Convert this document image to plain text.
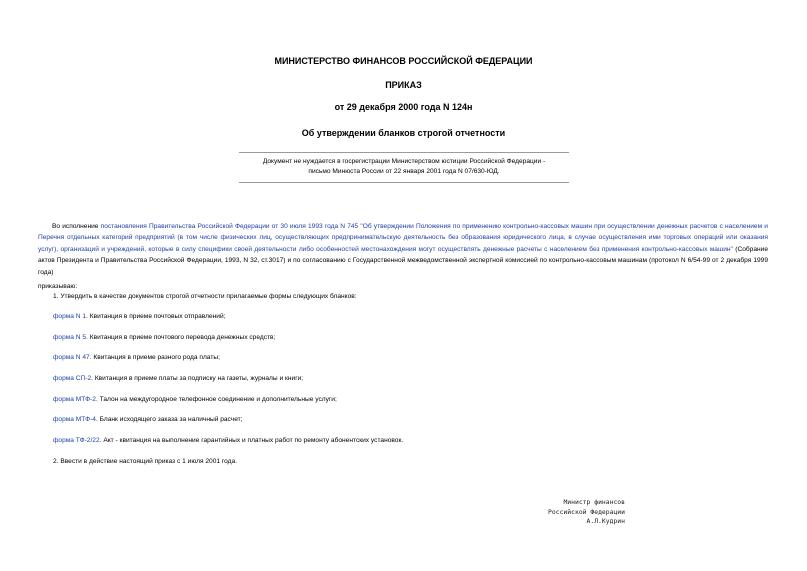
МИНИСТЕРСТВО ФИНАНСОВ РОССИЙСКОЙ ФЕДЕРАЦИИ
ПРИКАЗ
от 29 декабря 2000 года N 124н
Об утверждении бланков строгой отчетности
Документ не нуждается в госрегистрации Министерством юстиции Российской Федерации -
письмо Минюста России от 22 января 2001 года N 07/630-ЮД.
Во исполнение постановления Правительства Российской Федерации от 30 июля 1993 года N 745 "Об утверждении Положения по применению контрольно-кассовых машин при осуществлении денежных расчетов с населением и Перечня отдельных категорий предприятий (в том числе физических лиц, осуществляющих предпринимательскую деятельность без образования юридического лица, в случае осуществления ими торговых операций или оказания услуг), организаций и учреждений, которые в силу специфики своей деятельности либо особенностей местонахождения могут осуществлять денежные расчеты с населением без применения контрольно-кассовых машин" (Собрание актов Президента и Правительства Российской Федерации, 1993, N 32, ст.3017) и по согласованию с Государственной межведомственной экспертной комиссией по контрольно-кассовым машинам (протокол N 6/54-99 от 2 декабря 1999 года)
приказываю:
1. Утвердить в качестве документов строгой отчетности прилагаемые формы следующих бланков:
форма N 1. Квитанция в приеме почтовых отправлений;
форма N 5. Квитанция в приеме почтового перевода денежных средств;
форма N 47. Квитанция в приеме разного рода платы;
форма СП-2. Квитанция в приеме платы за подписку на газеты, журналы и книги;
форма МТФ-2. Талон на междугородное телефонное соединение и дополнительные услуги;
форма МТФ-4. Бланк исходящего заказа за наличный расчет;
форма ТФ-2/22. Акт - квитанция на выполнение гарантийных и платных работ по ремонту абонентских установок.
2. Ввести в действие настоящий приказ с 1 июля 2001 года.
Министр финансов
Российской Федерации
А.Л.Кудрин
